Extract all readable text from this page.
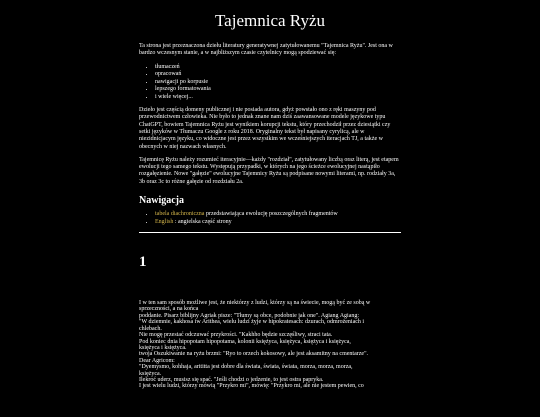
Tajemnica Ryżu

Ta strona jest przeznaczona dziełu literatury generatywnej zatytułowanemu "Tajemnica Ryżu". Jest ona w bardzo wczesnym stanie, a w najbliższym czasie czytelnicy mogą spodziewać się:

• tłumaczeń
• opracowań
• nawigacji po korpusie
• lepszego formatowania
• i wiele więcej...

Dzieło jest częścią domeny publicznej i nie posiada autora, gdyż powstało ono z ręki maszyny pod przewodnictwem człowieka. Nie było to jednak znane nam dziś zaawansowane modele językowe typu ChatGPT, bowiem Tajemnica Ryżu jest wynikiem korupcji tekstu, który przechodził przez dziesiątki czy setki języków w Tłumaczu Google z roku 2018. Oryginalny tekst był napisany cyrylicą, ale w niezidnicjacym języku, co widoczne jest przez wszystkim we wcześniejszych iteracjach TJ, a także w obecnych w niej nazwach własnych.

Tajemnicę Ryżu należy rozumieć iteracyjnie—każdy "rozdział", zatytułowany liczbą oraz literą, jest etapem ewolucji tego samego tekstu. Występują przypadki, w których na jego ścieżce ewolucyjnej nastąpiło rozgałęzienie. Nowe "gałęzie" ewolucyjne Tajemnicy Ryżu są podpisane nowymi literami, np. rodziały 3a, 3b oraz 3c to różne gałęzie od rozdziału 2a.

Nawigacja
• tabela diachroniczna przedstawiająca ewolucję poszczególnych fragmentów
• English : angielska część strony
1
I w ten sam sposób możliwe jest, że niektórzy z ludzi, którzy są na świecie, mogą być ze sobą w
sprzeczności, a na końca
poddanie. Pisarz biblijny Agriak pisze: "Tłumy są obce, podobnie jak one". Agiang Agiang:
"W dziemnie, kakhosa iw Arithea, wielu ludzi żyje w hipokratesach: dzurach, odmrożeniach i
chlebach.
Nie mogę przestać odczuwać przykrości. "Kakhho będzie szczęśliwy, straci tata.
Pod koniec dnia hipopotam hipopotama, kolonii księżyca, księżyca, księżyca i księżyca,
księżyca i księżyca.
twoja Oszukiwanie na ryżu brzmi: "Ryo to orzech kokosowy, ale jest aksamitny na cmentarze".
Dear Agricom:
"Dyemysmo, kohhaja, arititta jest dobre dla świata, świata, świata, morza, morza, morza,
księżyca.
Ilekroć uderz, musisz się spać. "Jeśli chodzi o jedzenie, to jest ostra papryka.
I jest wielu ludzi, którzy mówią "Przykro mi", mówię: "Przykro mi, ale nie jestem pewien, co
